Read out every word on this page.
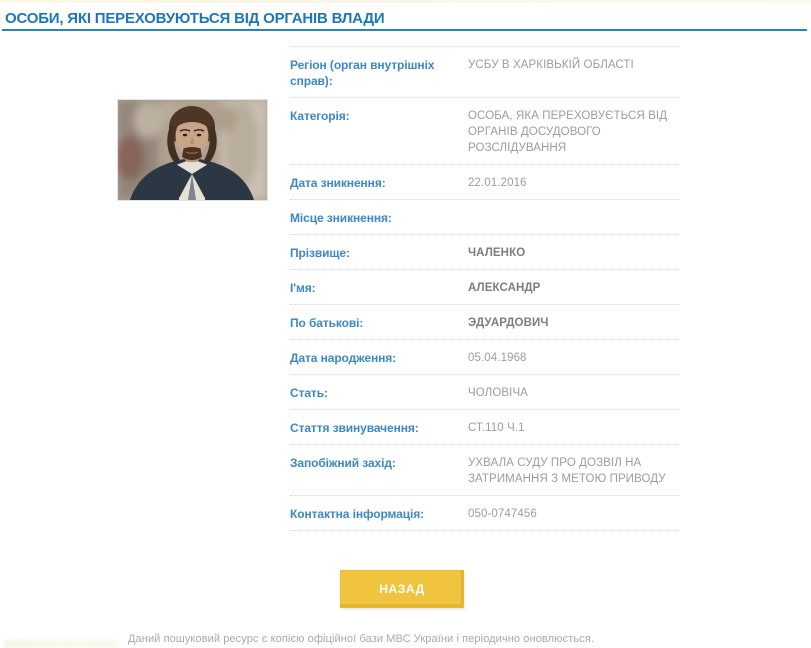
ОСОБИ, ЯКІ ПЕРЕХОВУЮТЬСЯ ВІД ОРГАНІВ ВЛАДИ
Регіон (орган внутрішніх справ):
УСБУ В ХАРКІВЬКІЙ ОБЛАСТІ
Категорія:	ОСОБА, ЯКА ПЕРЕХОВУЄТЬСЯ ВІД ОРГАНІВ ДОСУДОВОГО РОЗСЛІДУВАННЯ
Дата зникнення:	22.01.2016
Місце зникнення:
Прізвище:	ЧАЛЕНКО
І'мя:	АЛЕКСАНДР
По батькові:	ЭДУАРДОВИЧ
Дата народження:	05.04.1968
Стать:	ЧОЛОВІЧА
Стаття звинувачення:	СТ.110 Ч.1
Запобіжний захід:	УХВАЛА СУДУ ПРО ДОЗВІЛ НА ЗАТРИМАННЯ З МЕТОЮ ПРИВОДУ
Контактна інформація:	050-0747456
НАЗАД
Даний пошуковий ресурс є копією офіційної бази МВС України і періодично оновлюється.
